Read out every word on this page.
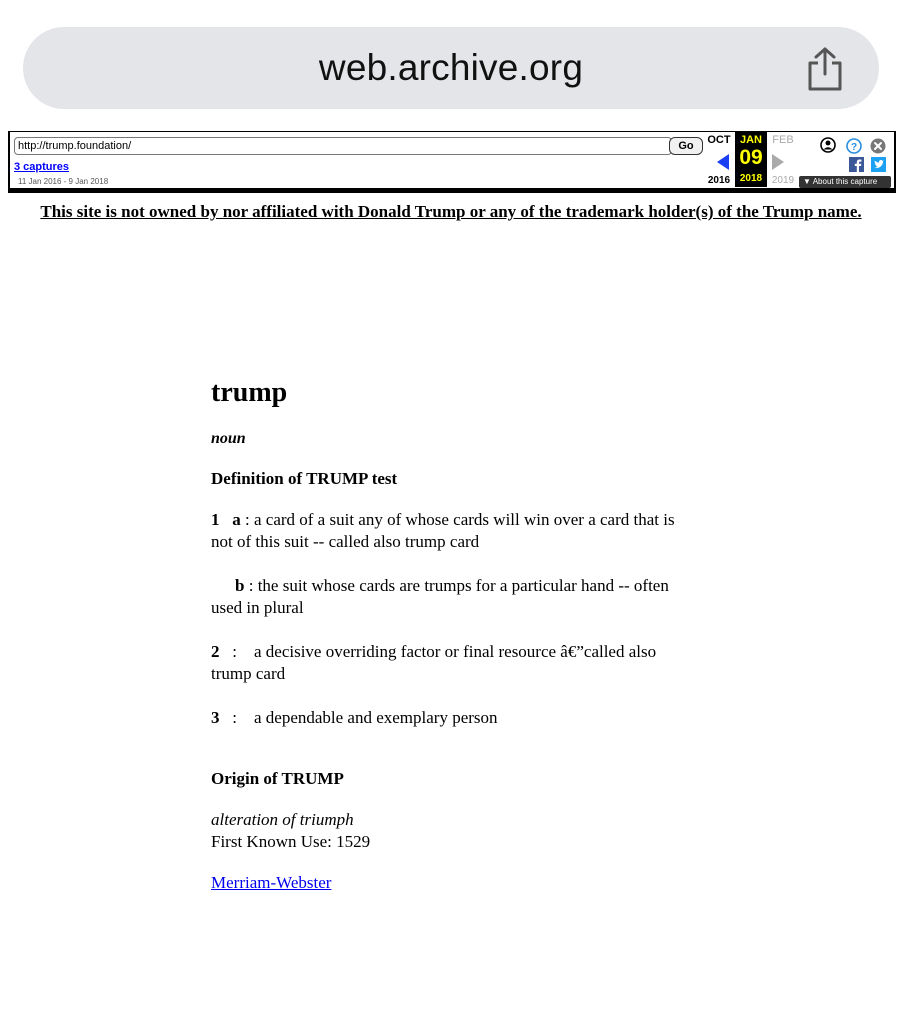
web.archive.org
http://trump.foundation/
Go
3 captures
11 Jan 2016 - 9 Jan 2018
OCT
2016
JAN
09
2018
FEB
2019
?
▼ About this capture
This site is not owned by nor affiliated with Donald Trump or any of the trademark holder(s) of the Trump name.
trump
noun
Definition of TRUMP test
1 a : a card of a suit any of whose cards will win over a card that is not of this suit -- called also trump card
b : the suit whose cards are trumps for a particular hand -- often used in plural
2   :    a decisive overriding factor or final resource â€”called also trump card
3   :    a dependable and exemplary person
Origin of TRUMP
alteration of triumph
First Known Use: 1529
Merriam-Webster
